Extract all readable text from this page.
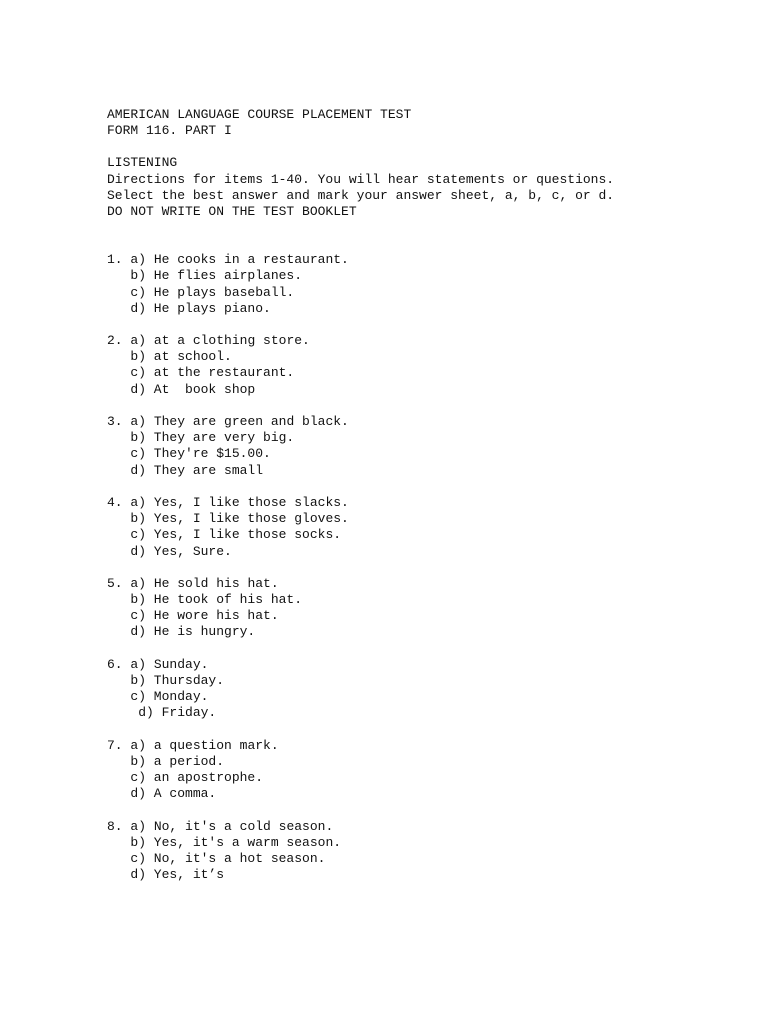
AMERICAN LANGUAGE COURSE PLACEMENT TEST
FORM 116. PART I
LISTENING
Directions for items 1-40. You will hear statements or questions.
Select the best answer and mark your answer sheet, a, b, c, or d.
DO NOT WRITE ON THE TEST BOOKLET
1. a) He cooks in a restaurant.
b) He flies airplanes.
c) He plays baseball.
d) He plays piano.
2. a) at a clothing store.
b) at school.
c) at the restaurant.
d) At  book shop
3. a) They are green and black.
b) They are very big.
c) They're $15.00.
d) They are small
4. a) Yes, I like those slacks.
b) Yes, I like those gloves.
c) Yes, I like those socks.
d) Yes, Sure.
5. a) He sold his hat.
b) He took of his hat.
c) He wore his hat.
d) He is hungry.
6. a) Sunday.
b) Thursday.
c) Monday.
d) Friday.
7. a) a question mark.
b) a period.
c) an apostrophe.
d) A comma.
8. a) No, it's a cold season.
b) Yes, it's a warm season.
c) No, it's a hot season.
d) Yes, it’s
